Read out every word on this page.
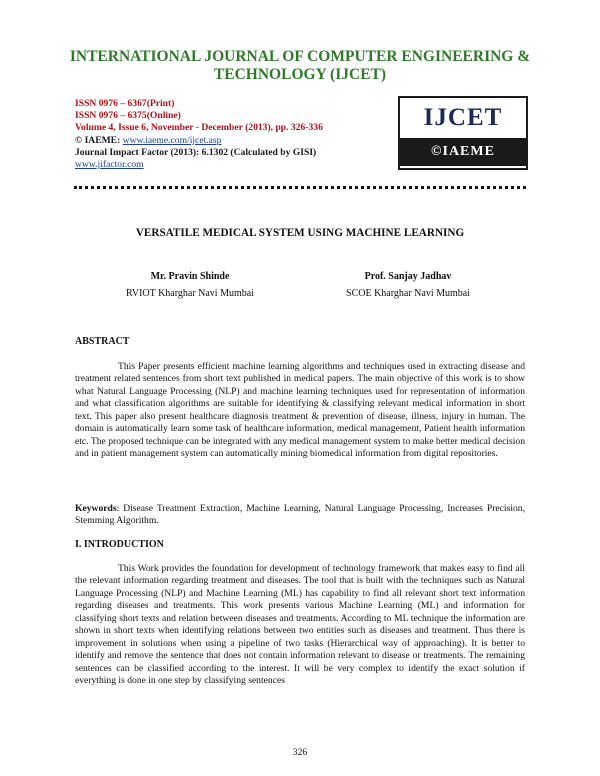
INTERNATIONAL JOURNAL OF COMPUTER ENGINEERING &
TECHNOLOGY (IJCET)
ISSN 0976 – 6367(Print)
ISSN 0976 – 6375(Online)
Volume 4, Issue 6, November - December (2013), pp. 326-336
© IAEME: www.iaeme.com/ijcet.asp
Journal Impact Factor (2013): 6.1302 (Calculated by GISI)
www.jifactor.com
IJCET
©IAEME
VERSATILE MEDICAL SYSTEM USING MACHINE LEARNING
Mr. Pravin Shinde
RVIOT Kharghar Navi Mumbai
Prof. Sanjay Jadhav
SCOE Kharghar Navi Mumbai
ABSTRACT

This Paper presents efficient machine learning algorithms and techniques used in extracting disease and treatment related sentences from short text published in medical papers. The main objective of this work is to show what Natural Language Processing (NLP) and machine learning techniques used for representation of information and what classification algorithms are suitable for identifying & classifying relevant medical information in short text. This paper also present healthcare diagnosis treatment & prevention of disease, illness, injury in human. The domain is automatically learn some task of healthcare information, medical management, Patient health information etc. The proposed technique can be integrated with any medical management system to make better medical decision and in patient management system can automatically mining biomedical information from digital repositories.

Keywords: Disease Treatment Extraction, Machine Learning, Natural Language Processing, Increases Precision, Stemming Algorithm.

I. INTRODUCTION

This Work provides the foundation for development of technology framework that makes easy to find all the relevant information regarding treatment and diseases. The tool that is built with the techniques such as Natural Language Processing (NLP) and Machine Learning (ML) has capability to find all relevant short text information regarding diseases and treatments. This work presents various Machine Learning (ML) and information for classifying short texts and relation between diseases and treatments. According to ML technique the information are shown in short texts when identifying relations between two entities such as diseases and treatment. Thus there is improvement in solutions when using a pipeline of two tasks (Hierarchical way of approaching). It is better to identify and remove the sentence that does not contain information relevant to disease or treatments. The remaining sentences can be classified according to the interest. It will be very complex to identify the exact solution if everything is done in one step by classifying sentences

326
